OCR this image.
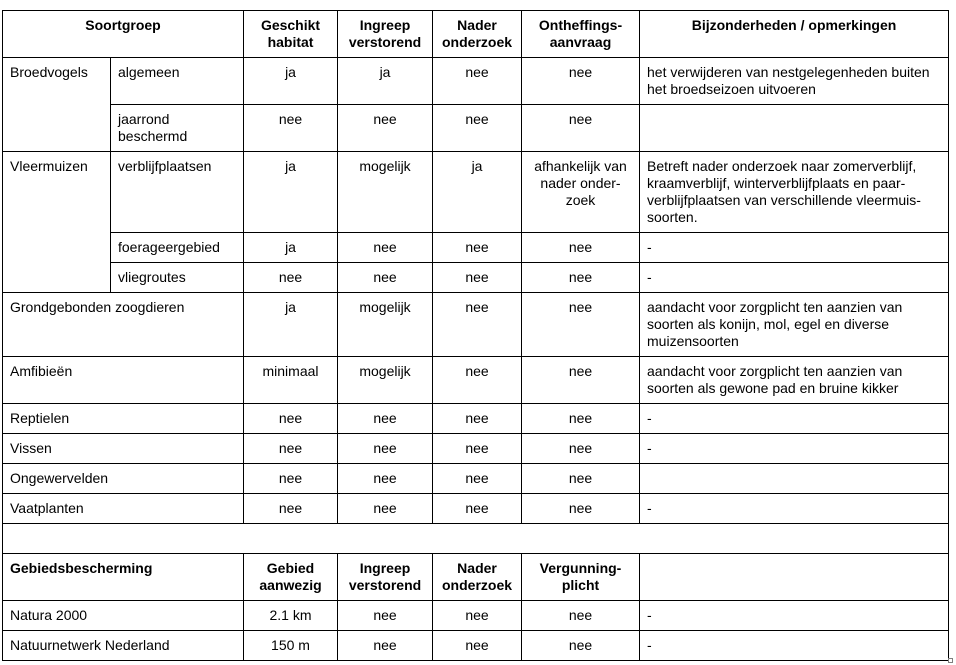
Soortgroep		Geschikt habitat	Ingreep verstorend	Nader onderzoek	Ontheffings-aanvraag	Bijzonderheden / opmerkingen
Broedvogels	algemeen	ja	ja	nee	nee	het verwijderen van nestgelegenheden buiten het broedseizoen uitvoeren
	jaarrond beschermd	nee	nee	nee	nee	
Vleermuizen	verblijfplaatsen	ja	mogelijk	ja	afhankelijk van nader onder-zoek	Betreft nader onderzoek naar zomerverblijf, kraamverblijf, winterverblijfplaats en paar-verblijfplaatsen van verschillende vleermuis-soorten.
	foerageergebied	ja	nee	nee	nee	-
	vliegroutes	nee	nee	nee	nee	-
Grondgebonden zoogdieren		ja	mogelijk	nee	nee	aandacht voor zorgplicht ten aanzien van soorten als konijn, mol, egel en diverse muizensoorten
Amfibieën		minimaal	mogelijk	nee	nee	aandacht voor zorgplicht ten aanzien van soorten als gewone pad en bruine kikker
Reptielen		nee	nee	nee	nee	-
Vissen		nee	nee	nee	nee	-
Ongewervelden		nee	nee	nee	nee	
Vaatplanten		nee	nee	nee	nee	-

Gebiedsbescherming		Gebied aanwezig	Ingreep verstorend	Nader onderzoek	Vergunning-plicht	
Natura 2000		2.1 km	nee	nee	nee	-
Natuurnetwerk Nederland		150 m	nee	nee	nee	-
